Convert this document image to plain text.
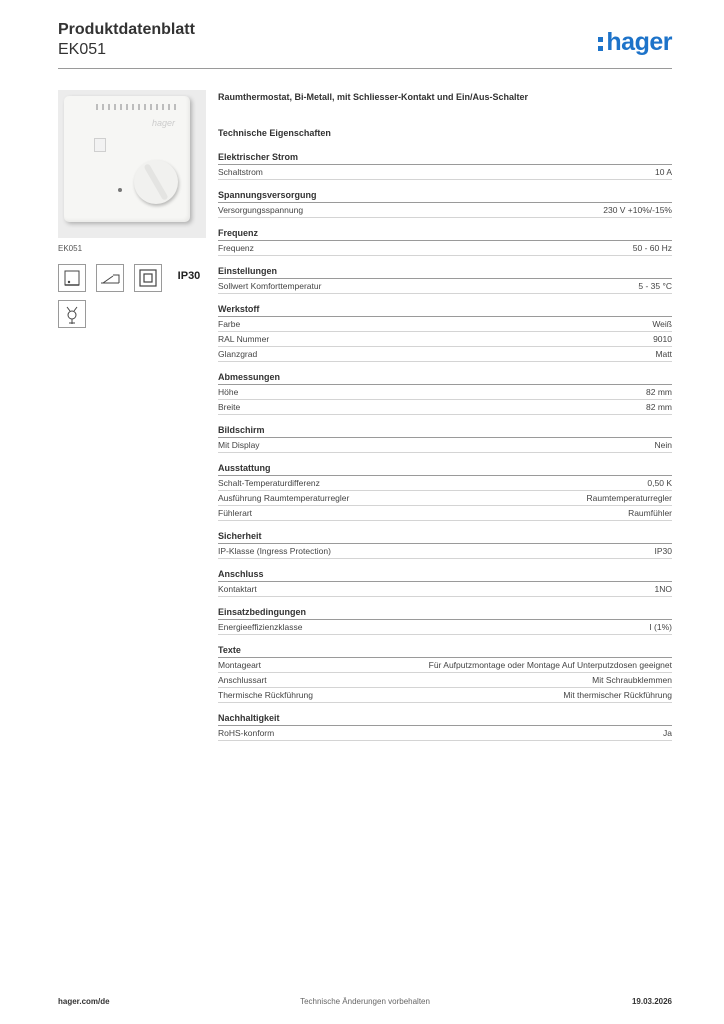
Produktdatenblatt
EK051	hager
hager
EK051
IP30
Raumthermostat, Bi-Metall, mit Schliesser-Kontakt und Ein/Aus-Schalter
Technische Eigenschaften
Elektrischer Strom
Schaltstrom	10 A
Spannungsversorgung
Versorgungsspannung	230 V +10%/-15%
Frequenz
Frequenz	50 - 60 Hz
Einstellungen
Sollwert Komforttemperatur	5 - 35 °C
Werkstoff
Farbe	Weiß
RAL Nummer	9010
Glanzgrad	Matt
Abmessungen
Höhe	82 mm
Breite	82 mm
Bildschirm
Mit Display	Nein
Ausstattung
Schalt-Temperaturdifferenz	0,50 K
Ausführung Raumtemperaturregler	Raumtemperaturregler
Fühlerart	Raumfühler
Sicherheit
IP-Klasse (Ingress Protection)	IP30
Anschluss
Kontaktart	1NO
Einsatzbedingungen
Energieeffizienzklasse	I (1%)
Texte
Montageart	Für Aufputzmontage oder Montage Auf Unterputzdosen geeignet
Anschlussart	Mit Schraubklemmen
Thermische Rückführung	Mit thermischer Rückführung
Nachhaltigkeit
RoHS-konform	Ja
hager.com/de	Technische Änderungen vorbehalten	19.03.2026
